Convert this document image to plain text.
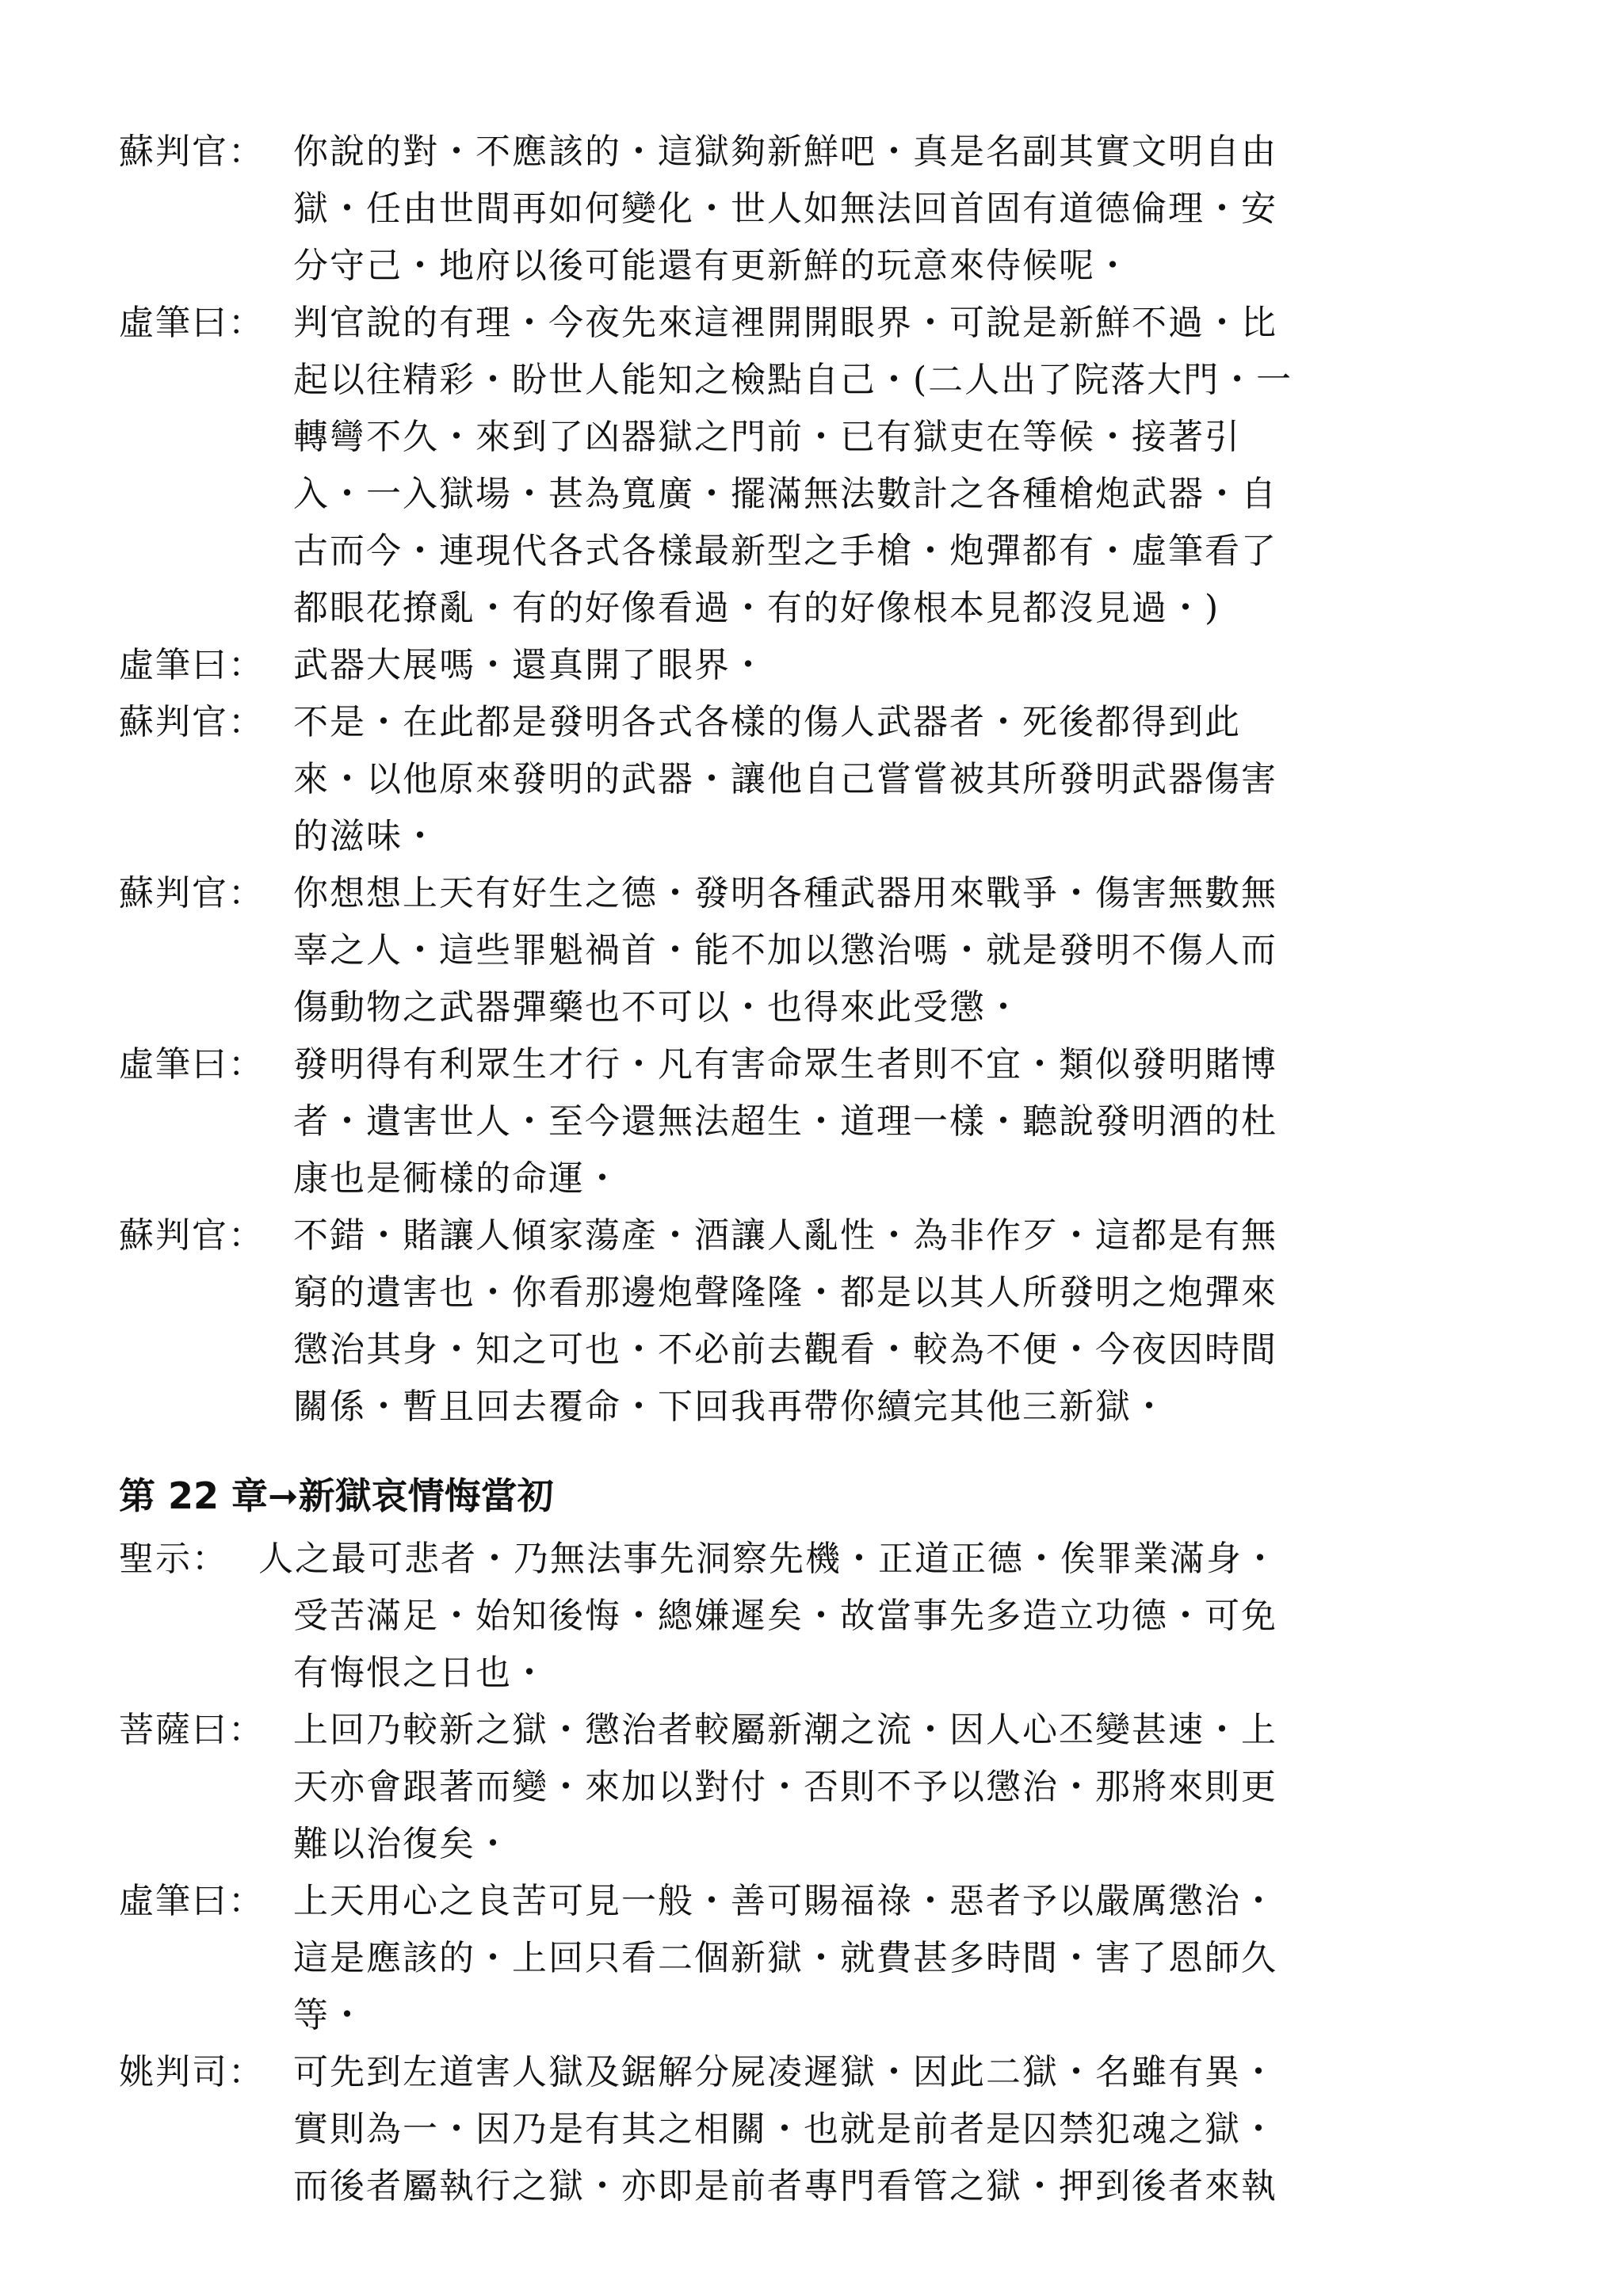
蘇判官： 你說的對・不應該的・這獄夠新鮮吧・真是名副其實文明自由
獄・任由世間再如何變化・世人如無法回首固有道德倫理・安
分守己・地府以後可能還有更新鮮的玩意來侍候呢・
虛筆曰： 判官說的有理・今夜先來這裡開開眼界・可說是新鮮不過・比
起以往精彩・盼世人能知之檢點自己・(二人出了院落大門・一
轉彎不久・來到了凶器獄之門前・已有獄吏在等候・接著引
入・一入獄場・甚為寬廣・擺滿無法數計之各種槍炮武器・自
古而今・連現代各式各樣最新型之手槍・炮彈都有・虛筆看了
都眼花撩亂・有的好像看過・有的好像根本見都沒見過・)
虛筆曰： 武器大展嗎・還真開了眼界・
蘇判官： 不是・在此都是發明各式各樣的傷人武器者・死後都得到此
來・以他原來發明的武器・讓他自己嘗嘗被其所發明武器傷害
的滋味・
蘇判官： 你想想上天有好生之德・發明各種武器用來戰爭・傷害無數無
辜之人・這些罪魁禍首・能不加以懲治嗎・就是發明不傷人而
傷動物之武器彈藥也不可以・也得來此受懲・
虛筆曰： 發明得有利眾生才行・凡有害命眾生者則不宜・類似發明賭博
者・遺害世人・至今還無法超生・道理一樣・聽說發明酒的杜
康也是衕樣的命運・
蘇判官： 不錯・賭讓人傾家蕩產・酒讓人亂性・為非作歹・這都是有無
窮的遺害也・你看那邊炮聲隆隆・都是以其人所發明之炮彈來
懲治其身・知之可也・不必前去觀看・較為不便・今夜因時間
關係・暫且回去覆命・下回我再帶你續完其他三新獄・
第 22 章➞新獄哀情悔當初
聖示： 人之最可悲者・乃無法事先洞察先機・正道正德・俟罪業滿身・
受苦滿足・始知後悔・總嫌遲矣・故當事先多造立功德・可免
有悔恨之日也・
菩薩曰： 上回乃較新之獄・懲治者較屬新潮之流・因人心丕變甚速・上
天亦會跟著而變・來加以對付・否則不予以懲治・那將來則更
難以治復矣・
虛筆曰： 上天用心之良苦可見一般・善可賜福祿・惡者予以嚴厲懲治・
這是應該的・上回只看二個新獄・就費甚多時間・害了恩師久
等・
姚判司： 可先到左道害人獄及鋸解分屍凌遲獄・因此二獄・名雖有異・
實則為一・因乃是有其之相關・也就是前者是囚禁犯魂之獄・
而後者屬執行之獄・亦即是前者專門看管之獄・押到後者來執
